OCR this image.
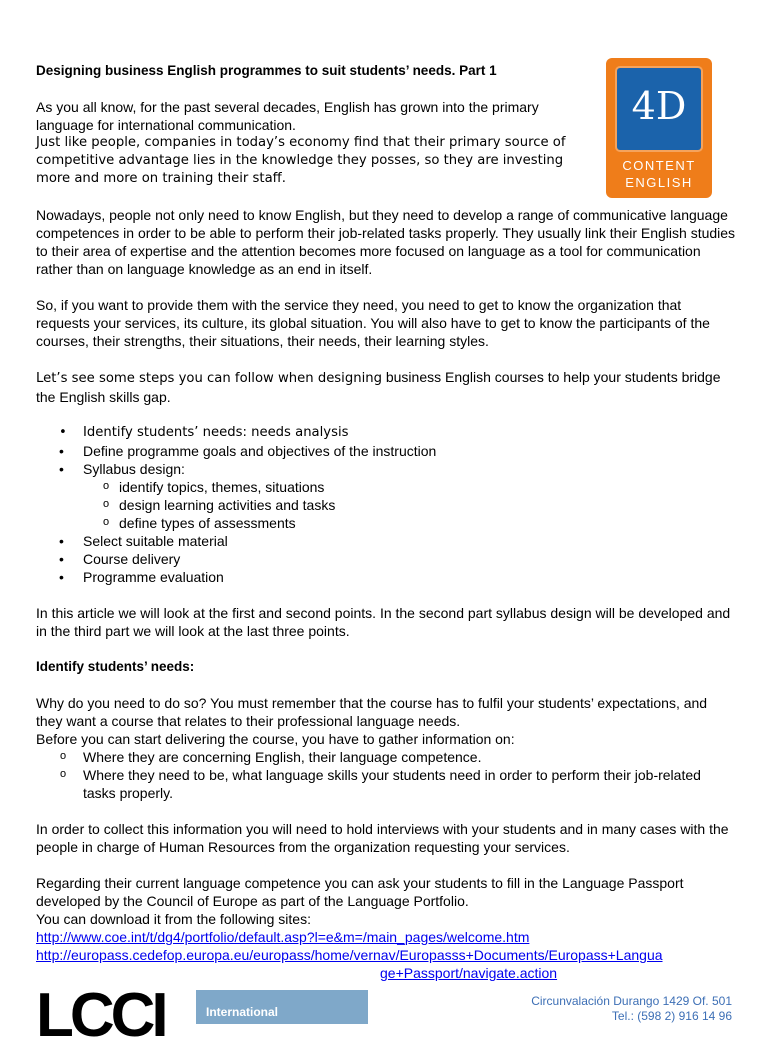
4D
CONTENT
ENGLISH

Designing business English programmes to suit students’ needs. Part 1

As you all know, for the past several decades, English has grown into the primary language for international communication.

Just like people, companies in today’s economy find that their primary source of competitive advantage lies in the knowledge they posses, so they are investing more and more on training their staff.

Nowadays, people not only need to know English, but they need to develop a range of communicative language competences in order to be able to perform their job-related tasks properly. They usually link their English studies to their area of expertise and the attention becomes more focused on language as a tool for communication rather than on language knowledge as an end in itself.

So, if you want to provide them with the service they need, you need to get to know the organization that requests your services, its culture, its global situation. You will also have to get to know the participants of the courses, their strengths, their situations, their needs, their learning styles.

Let’s see some steps you can follow when designing business English courses to help your students bridge the English skills gap.

• Identify students’ needs: needs analysis
• Define programme goals and objectives of the instruction
• Syllabus design:
o identify topics, themes, situations
o design learning activities and tasks
o define types of assessments
• Select suitable material
• Course delivery
• Programme evaluation

In this article we will look at the first and second points. In the second part syllabus design will be developed and in the third part we will look at the last three points.

Identify students’ needs:

Why do you need to do so? You must remember that the course has to fulfil your students’ expectations, and they want a course that relates to their professional language needs.

Before you can start delivering the course, you have to gather information on:

o Where they are concerning English, their language competence.
o Where they need to be, what language skills your students need in order to perform their job-related tasks properly.

In order to collect this information you will need to hold interviews with your students and in many cases with the people in charge of Human Resources from the organization requesting your services.

Regarding their current language competence you can ask your students to fill in the Language Passport developed by the Council of Europe as part of the Language Portfolio.

You can download it from the following sites:

http://www.coe.int/t/dg4/portfolio/default.asp?l=e&m=/main_pages/welcome.htm

http://europass.cedefop.europa.eu/europass/home/vernav/Europasss+Documents/Europass+Langua
ge+Passport/navigate.action

LCCI	International
Circunvalación Durango 1429 Of. 501
Tel.: (598 2) 916 14 96
